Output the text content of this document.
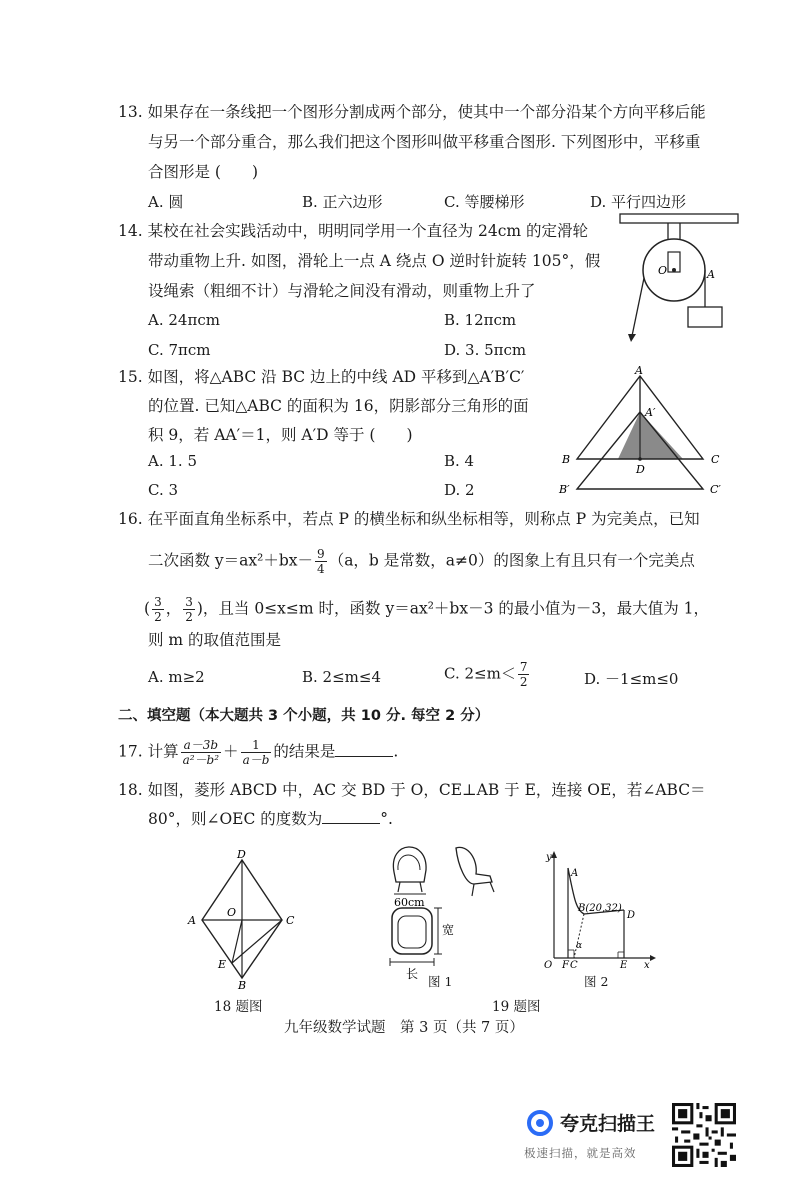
13. 如果存在一条线把一个图形分割成两个部分，使其中一个部分沿某个方向平移后能
与另一个部分重合，那么我们把这个图形叫做平移重合图形. 下列图形中，平移重
合图形是 (　　)
A. 圆	B. 正六边形	C. 等腰梯形	D. 平行四边形
14. 某校在社会实践活动中，明明同学用一个直径为 24cm 的定滑轮
带动重物上升. 如图，滑轮上一点 A 绕点 O 逆时针旋转 105°，假
设绳索（粗细不计）与滑轮之间没有滑动，则重物上升了
A. 24πcm	B. 12πcm
C. 7πcm	D. 3. 5πcm
O	A
15. 如图，将△ABC 沿 BC 边上的中线 AD 平移到△A′B′C′
的位置. 已知△ABC 的面积为 16，阴影部分三角形的面
积 9，若 AA′＝1，则 A′D 等于 (　　)
A. 1. 5	B. 4
C. 3	D. 2
A
A′
B
D
C
B′	C′
16. 在平面直角坐标系中，若点 P 的横坐标和纵坐标相等，则称点 P 为完美点，已知
二次函数 $y=ax^2+bx- \frac{9}{4} (a$，b 是常数，a≠0）的图象上有且只有一个完美点
( $\frac{3}{2}$ ， $\frac{3}{2}$ )，且当 0≤x≤m 时，函数 y＝ax²＋bx－3 的最小值为－3，最大值为 1，
则 m 的取值范围是
A. m≥2	B. 2≤m≤4	C. $2\le m< \frac{7}{2}$	D. －1≤m≤0
二、填空题（本大题共 3 个小题，共 10 分. 每空 2 分）
17. 计算 $\frac{a-3b}{\text{a²－b²}} + \frac{1}{a-b}$ 的结果是	.
18. 如图，菱形 ABCD 中，AC 交 BD 于 O，CE⊥AB 于 E，连接 OE，若∠ABC＝
80°，则∠OEC 的度数为	°.
D
A
O
C
E
B
18 题图
60cm
宽
长 图 1
y
A
B(20,32)
D
α
O F C	E x
图 2
19 题图
九年级数学试题　第 3 页（共 7 页）
夸克扫描王
极速扫描，就是高效
